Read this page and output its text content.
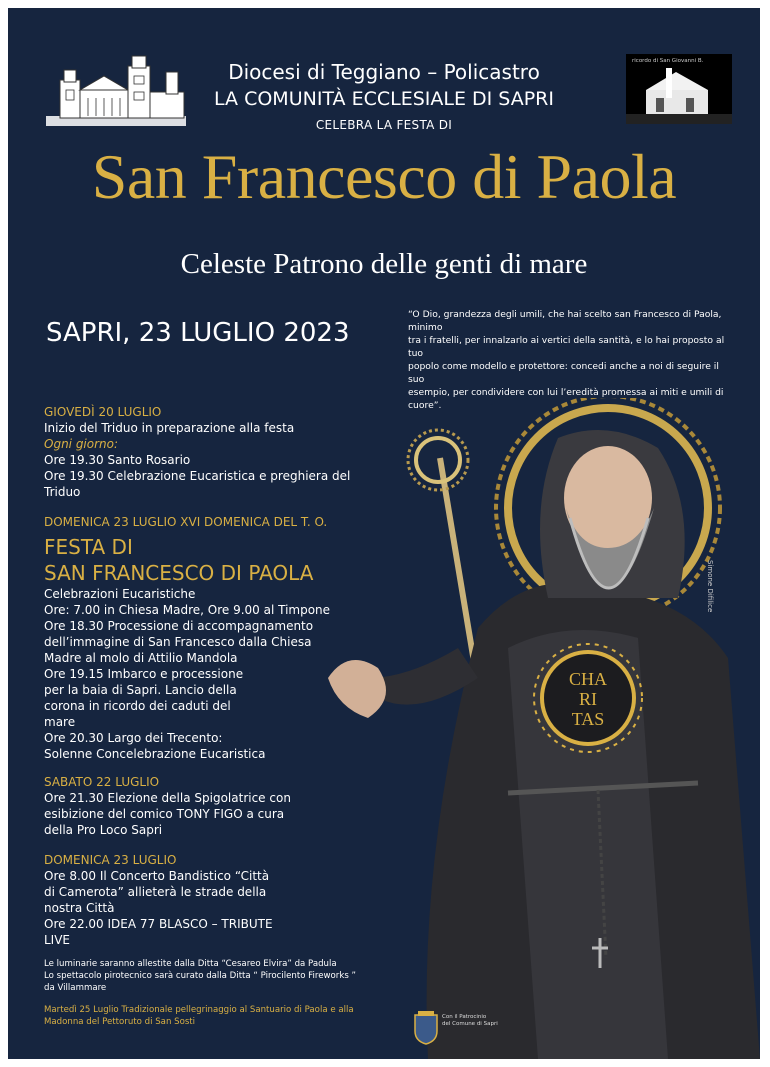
ricordo di San Giovanni B.
Diocesi di Teggiano – Policastro
LA COMUNITÀ ECCLESIALE DI SAPRI
CELEBRA LA FESTA DI
San Francesco di Paola
Celeste Patrono delle genti di mare
SAPRI, 23 LUGLIO 2023
“O Dio, grandezza degli umili, che hai scelto san Francesco di Paola, minimo
tra i fratelli, per innalzarlo ai vertici della santità, e lo hai proposto al tuo
popolo come modello e protettore: concedi anche a noi di seguire il suo
esempio, per condividere con lui l’eredità promessa ai miti e umili di cuore”.
CHA
RI
TAS
Simone Difilice
GIOVEDÌ 20 LUGLIO
Inizio del Triduo in preparazione alla festa
Ogni giorno:
Ore 19.30 Santo Rosario
Ore 19.30 Celebrazione Eucaristica e preghiera del
Triduo
DOMENICA 23 LUGLIO XVI DOMENICA DEL T. O.
FESTA DI
SAN FRANCESCO DI PAOLA
Celebrazioni Eucaristiche
Ore: 7.00 in Chiesa Madre, Ore 9.00 al Timpone
Ore 18.30 Processione di accompagnamento
dell’immagine di San Francesco dalla Chiesa
Madre al molo di Attilio Mandola
Ore 19.15 Imbarco e processione
per la baia di Sapri. Lancio della
corona in ricordo dei caduti del
mare
Ore 20.30 Largo dei Trecento:
Solenne Concelebrazione Eucaristica
SABATO 22 LUGLIO
Ore 21.30 Elezione della Spigolatrice con
esibizione del comico TONY FIGO a cura
della Pro Loco Sapri
DOMENICA 23 LUGLIO
Ore 8.00 Il Concerto Bandistico “Città
di Camerota” allieterà le strade della
nostra Città
Ore 22.00 IDEA 77 BLASCO – TRIBUTE
LIVE
Le luminarie saranno allestite dalla Ditta “Cesareo Elvira” da Padula
Lo spettacolo pirotecnico sarà curato dalla Ditta “ Pirocilento Fireworks ”
da Villammare
Martedì 25 Luglio Tradizionale pellegrinaggio al Santuario di Paola e alla
Madonna del Pettoruto di San Sosti	Con il Patrocinio
del Comune di Sapri
